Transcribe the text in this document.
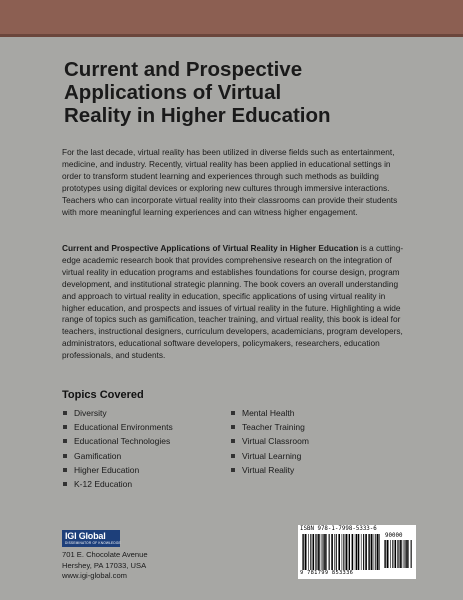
Current and Prospective
Applications of Virtual
Reality in Higher Education

For the last decade, virtual reality has been utilized in diverse fields such as entertainment, medicine, and industry. Recently, virtual reality has been applied in educational settings in order to transform student learning and experiences through such methods as building prototypes using digital devices or exploring new cultures through immersive interactions. Teachers who can incorporate virtual reality into their classrooms can provide their students with more meaningful learning experiences and can witness higher engagement.

Current and Prospective Applications of Virtual Reality in Higher Education is a cutting-edge academic research book that provides comprehensive research on the integration of virtual reality in education programs and establishes foundations for course design, program development, and institutional strategic planning. The book covers an overall understanding and approach to virtual reality in education, specific applications of using virtual reality in higher education, and prospects and issues of virtual reality in the future. Highlighting a wide range of topics such as gamification, teacher training, and virtual reality, this book is ideal for teachers, instructional designers, curriculum developers, academicians, program developers, administrators, educational software developers, policymakers, researchers, education professionals, and students.

Topics Covered
Diversity
Educational Environments
Educational Technologies
Gamification
Higher Education
K-12 Education
Mental Health
Teacher Training
Virtual Classroom
Virtual Learning
Virtual Reality
IGI Global
DISSEMINATOR OF KNOWLEDGE
701 E. Chocolate Avenue
Hershey, PA 17033, USA
www.igi-global.com
ISBN 978-1-7998-5333-6
90000
9 781799 853336
